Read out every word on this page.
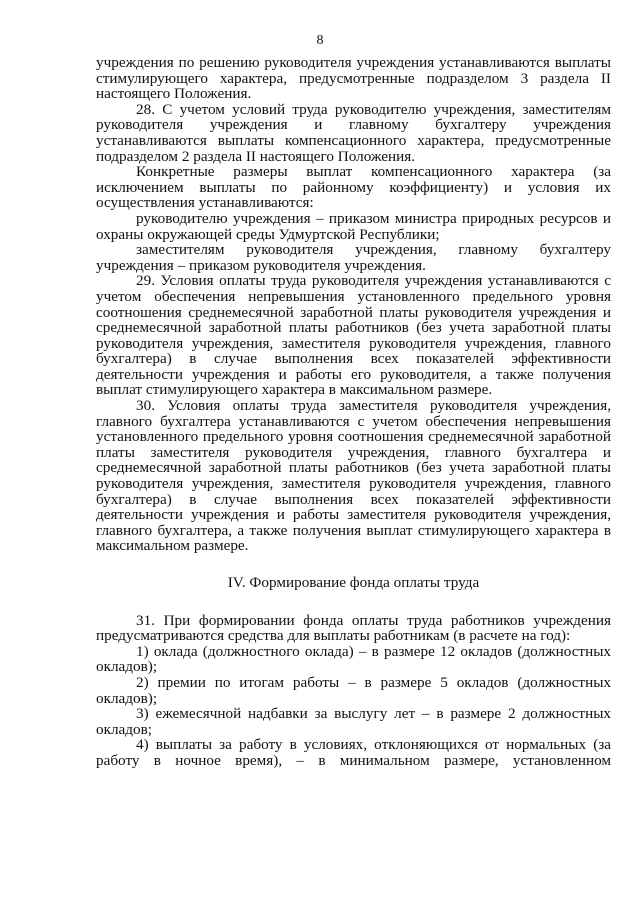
8

учреждения по решению руководителя учреждения устанавливаются выплаты стимулирующего характера, предусмотренные подразделом 3 раздела II настоящего Положения.

28. С учетом условий труда руководителю учреждения, заместителям руководителя учреждения и главному бухгалтеру учреждения устанавливаются выплаты компенсационного характера, предусмотренные подразделом 2 раздела II настоящего Положения.

Конкретные размеры выплат компенсационного характера (за исключением выплаты по районному коэффициенту) и условия их осуществления устанавливаются:

руководителю учреждения – приказом министра природных ресурсов и охраны окружающей среды Удмуртской Республики;

заместителям руководителя учреждения, главному бухгалтеру учреждения – приказом руководителя учреждения.

29. Условия оплаты труда руководителя учреждения устанавливаются с учетом обеспечения непревышения установленного предельного уровня соотношения среднемесячной заработной платы руководителя учреждения и среднемесячной заработной платы работников (без учета заработной платы руководителя учреждения, заместителя руководителя учреждения, главного бухгалтера) в случае выполнения всех показателей эффективности деятельности учреждения и работы его руководителя, а также получения выплат стимулирующего характера в максимальном размере.

30. Условия оплаты труда заместителя руководителя учреждения, главного бухгалтера устанавливаются с учетом обеспечения непревышения установленного предельного уровня соотношения среднемесячной заработной платы заместителя руководителя учреждения, главного бухгалтера и среднемесячной заработной платы работников (без учета заработной платы руководителя учреждения, заместителя руководителя учреждения, главного бухгалтера) в случае выполнения всех показателей эффективности деятельности учреждения и работы заместителя руководителя учреждения, главного бухгалтера, а также получения выплат стимулирующего характера в максимальном размере.

IV. Формирование фонда оплаты труда

31. При формировании фонда оплаты труда работников учреждения предусматриваются средства для выплаты работникам (в расчете на год):

1) оклада (должностного оклада) – в размере 12 окладов (должностных окладов);

2) премии по итогам работы – в размере 5 окладов (должностных окладов);

3) ежемесячной надбавки за выслугу лет – в размере 2 должностных окладов;

4) выплаты за работу в условиях, отклоняющихся от нормальных (за работу в ночное время), – в минимальном размере, установленном
